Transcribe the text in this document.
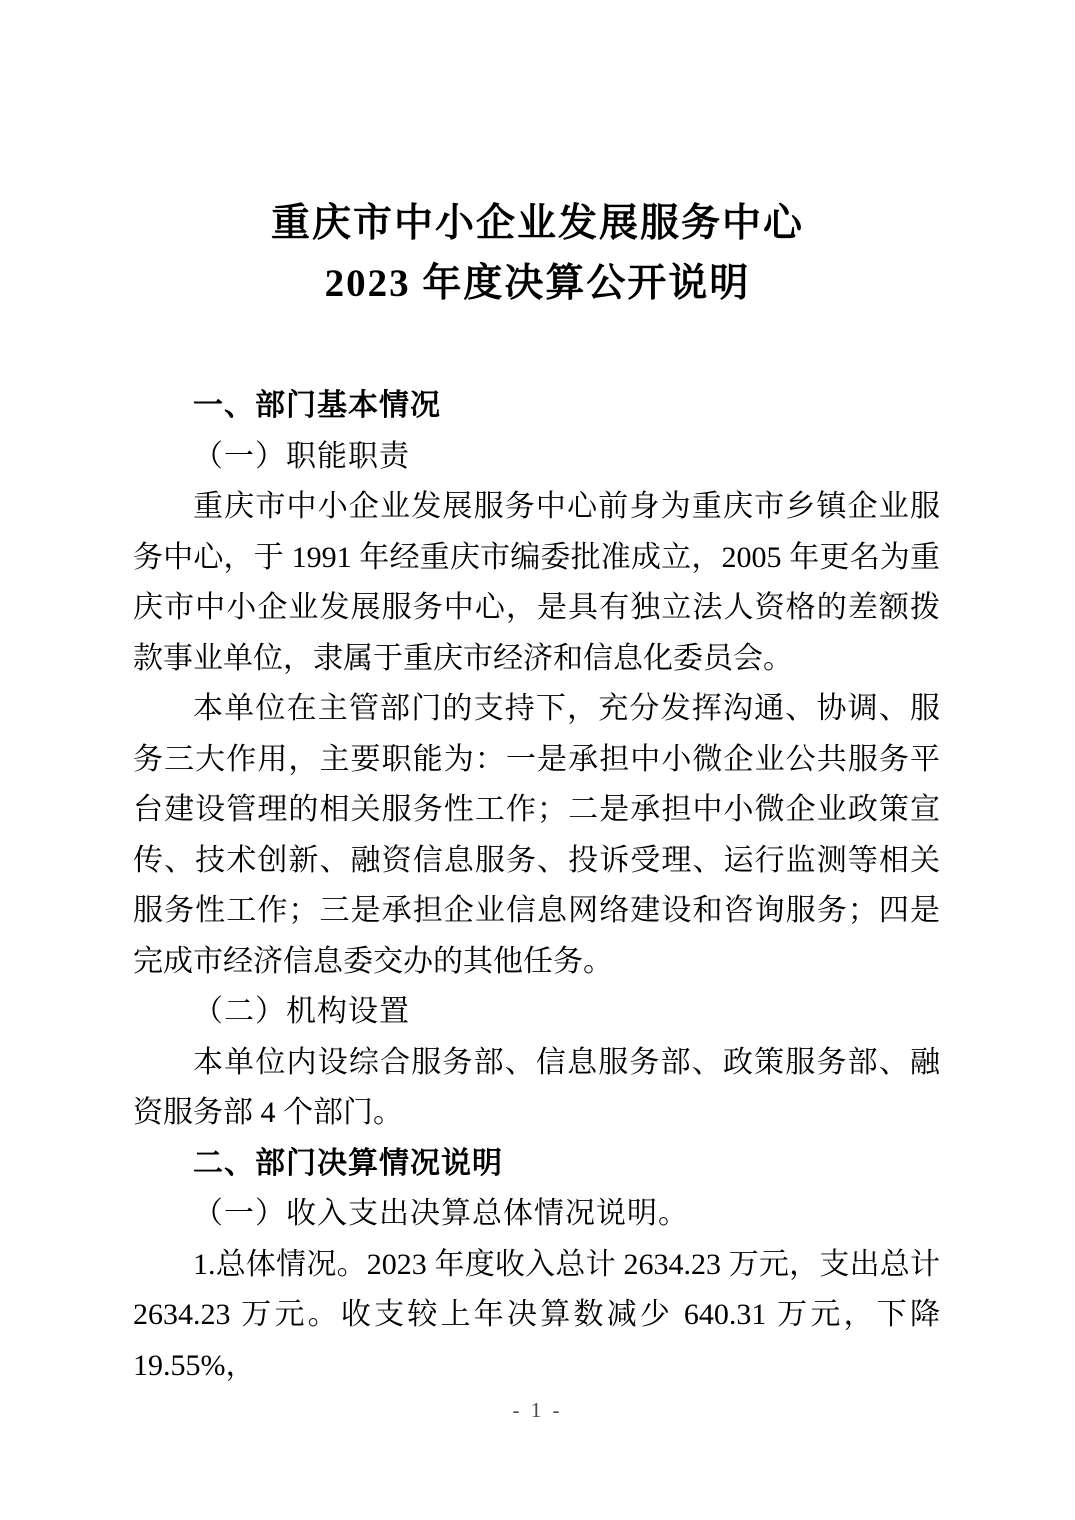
重庆市中小企业发展服务中心
2023 年度决算公开说明
一、部门基本情况
（一）职能职责

重庆市中小企业发展服务中心前身为重庆市乡镇企业服务中心，于 1991 年经重庆市编委批准成立，2005 年更名为重庆市中小企业发展服务中心，是具有独立法人资格的差额拨款事业单位，隶属于重庆市经济和信息化委员会。

本单位在主管部门的支持下，充分发挥沟通、协调、服务三大作用，主要职能为：一是承担中小微企业公共服务平台建设管理的相关服务性工作；二是承担中小微企业政策宣传、技术创新、融资信息服务、投诉受理、运行监测等相关服务性工作；三是承担企业信息网络建设和咨询服务；四是完成市经济信息委交办的其他任务。

（二）机构设置

本单位内设综合服务部、信息服务部、政策服务部、融资服务部 4 个部门。

二、部门决算情况说明
（一）收入支出决算总体情况说明。

1.总体情况。2023 年度收入总计 2634.23 万元，支出总计 2634.23 万元。收支较上年决算数减少 640.31 万元，下降 19.55%，

- 1 -
